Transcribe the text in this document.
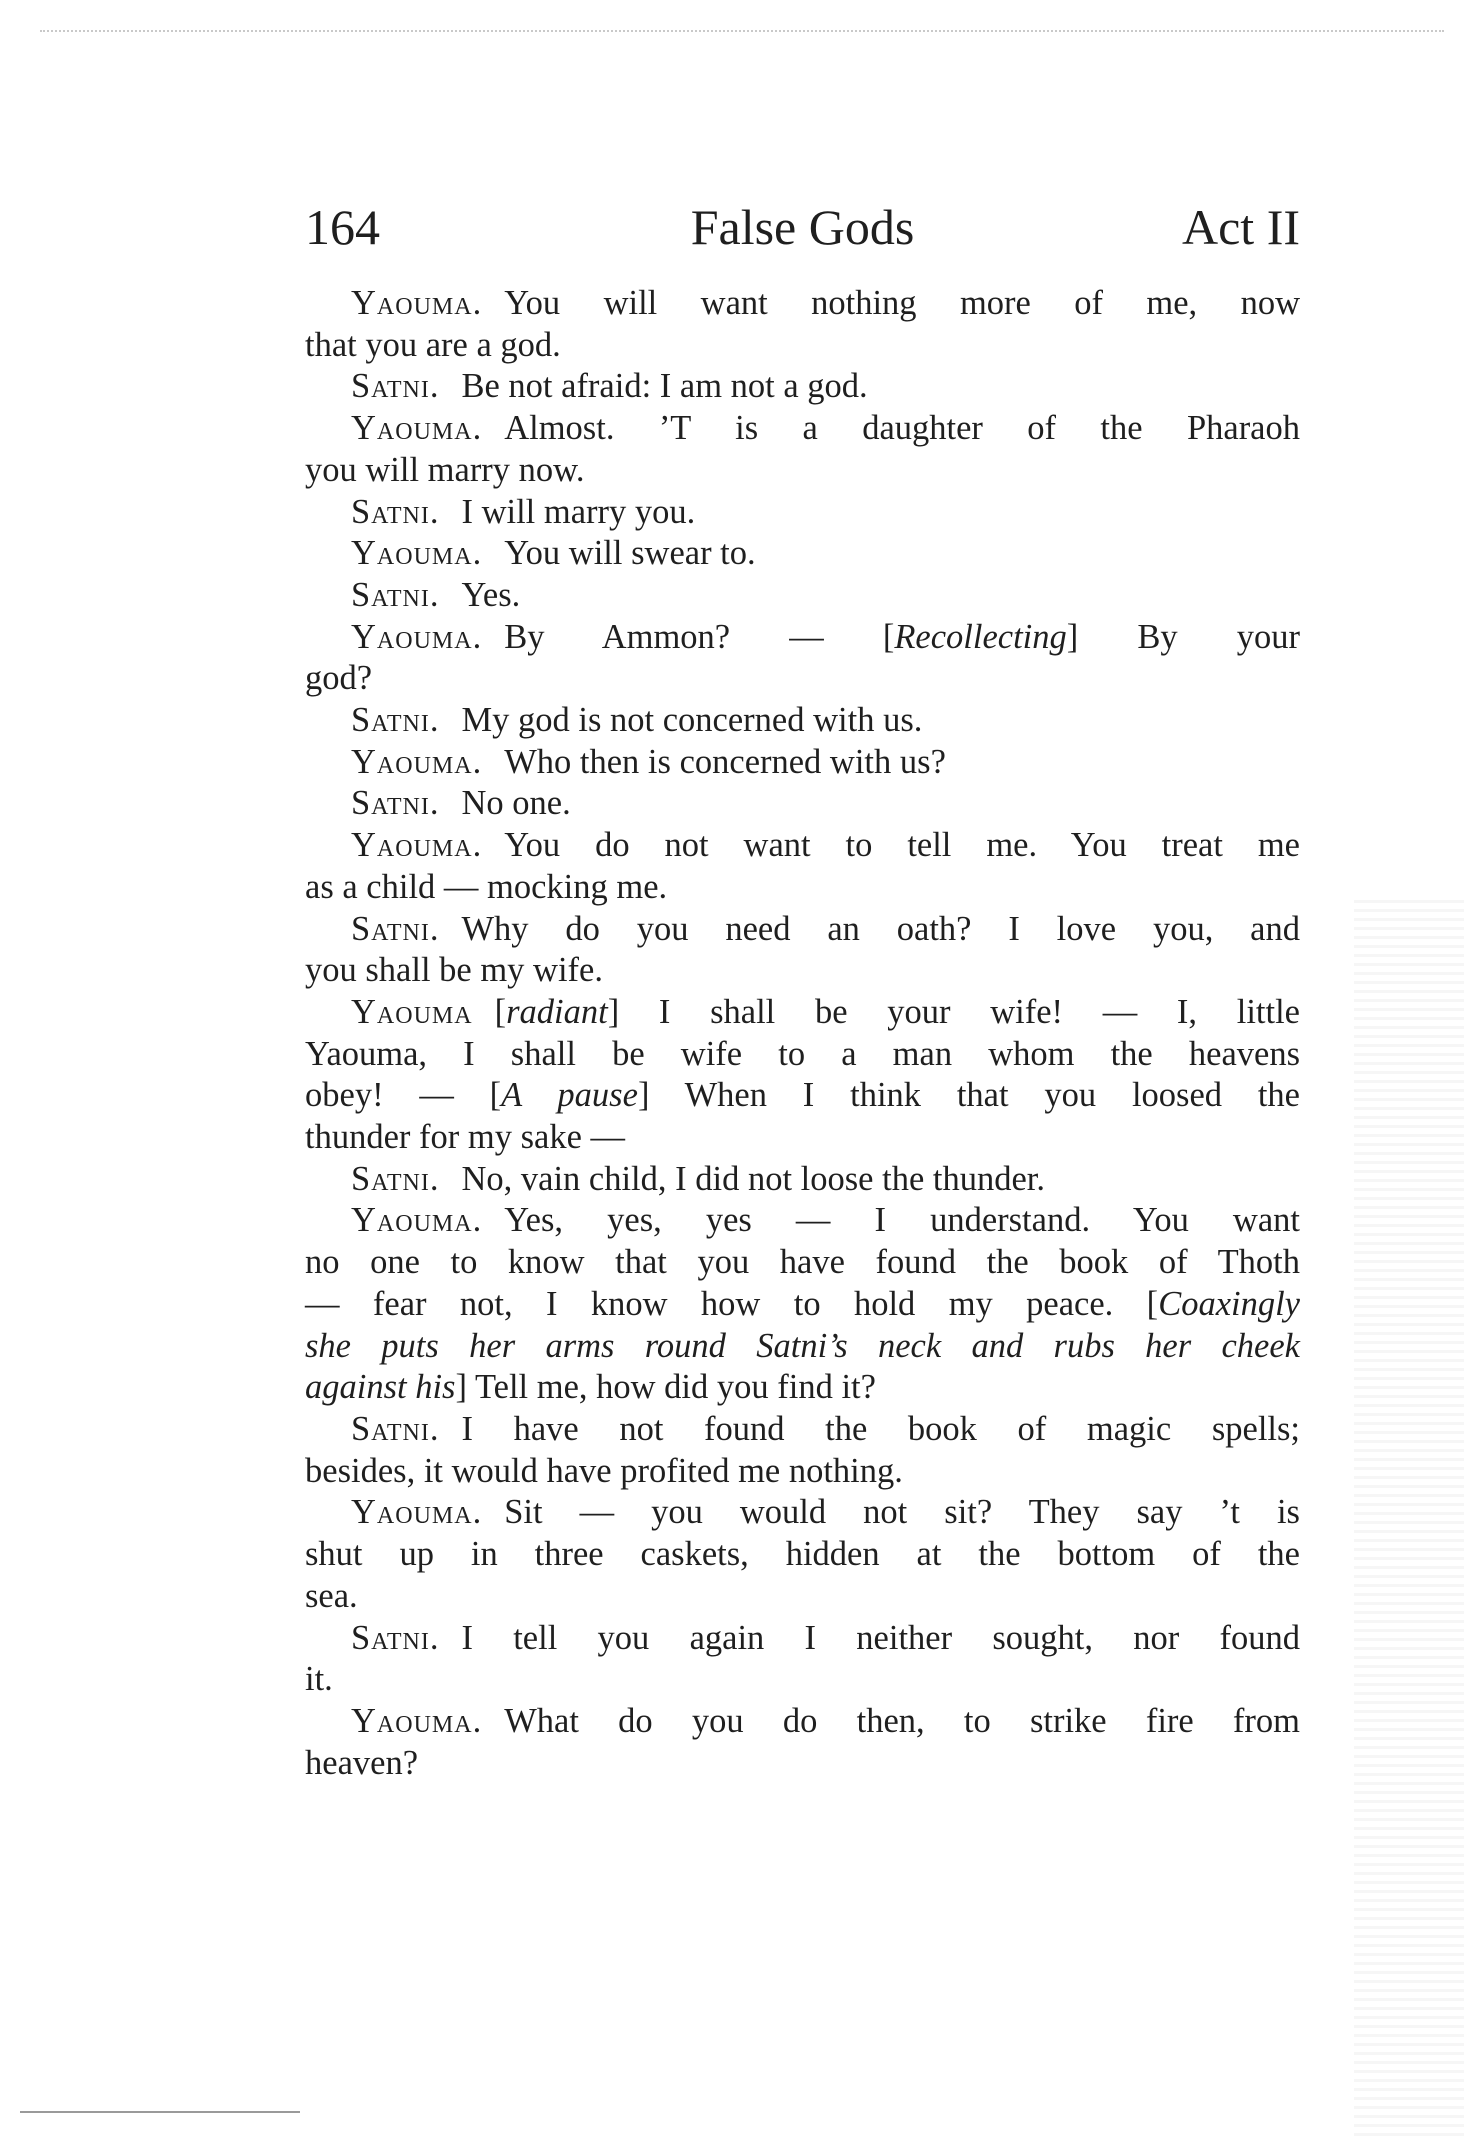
164	False Gods	Act II

Yaouma. You will want nothing more of me, now
that you are a god.

Satni. Be not afraid: I am not a god.

Yaouma. Almost. ’T is a daughter of the Pharaoh
you will marry now.

Satni. I will marry you.

Yaouma. You will swear to.

Satni. Yes.

Yaouma. By Ammon? — [Recollecting] By your
god?

Satni. My god is not concerned with us.

Yaouma. Who then is concerned with us?

Satni. No one.

Yaouma. You do not want to tell me. You treat me
as a child — mocking me.

Satni. Why do you need an oath? I love you, and
you shall be my wife.

Yaouma [radiant] I shall be your wife! — I, little
Yaouma, I shall be wife to a man whom the heavens
obey! — [A pause] When I think that you loosed the
thunder for my sake —

Satni. No, vain child, I did not loose the thunder.

Yaouma. Yes, yes, yes — I understand. You want
no one to know that you have found the book of Thoth
— fear not, I know how to hold my peace. [Coaxingly
she puts her arms round Satni’s neck and rubs her cheek
against his] Tell me, how did you find it?

Satni. I have not found the book of magic spells;
besides, it would have profited me nothing.

Yaouma. Sit — you would not sit? They say ’t is
shut up in three caskets, hidden at the bottom of the
sea.

Satni. I tell you again I neither sought, nor found
it.

Yaouma. What do you do then, to strike fire from
heaven?
